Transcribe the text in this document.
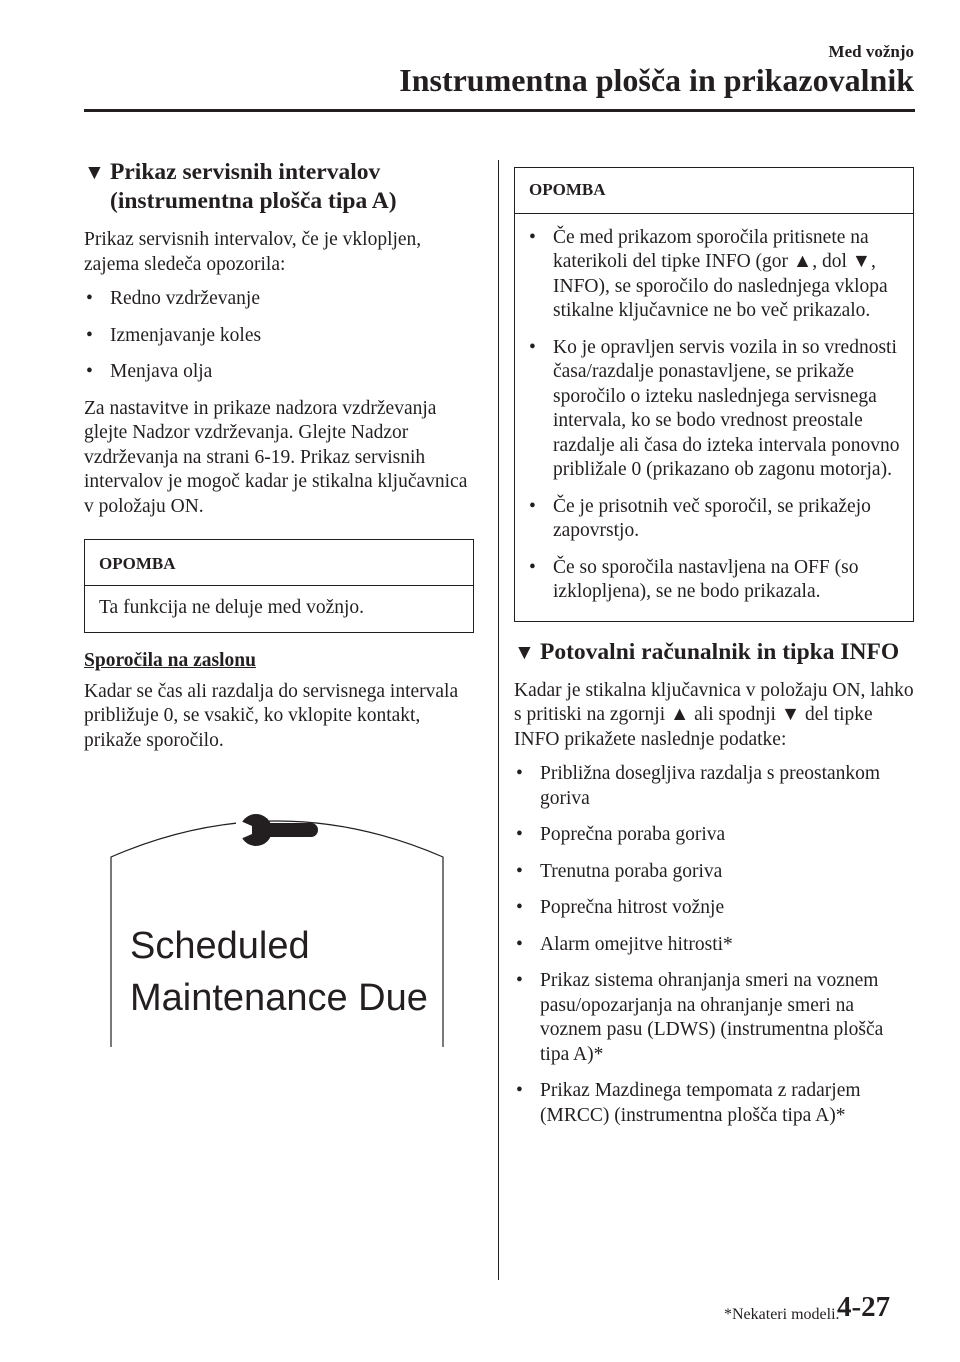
Med vožnjo
Instrumentna plošča in prikazovalnik
▼ Prikaz servisnih intervalov (instrumentna plošča tipa A)

Prikaz servisnih intervalov, če je vklopljen, zajema sledeča opozorila:

• Redno vzdrževanje
• Izmenjavanje koles
• Menjava olja

Za nastavitve in prikaze nadzora vzdrževanja glejte Nadzor vzdrževanja. Glejte Nadzor vzdrževanja na strani 6-19. Prikaz servisnih intervalov je mogoč kadar je stikalna ključavnica v položaju ON.

OPOMBA
Ta funkcija ne deluje med vožnjo.
Sporočila na zaslonu

Kadar se čas ali razdalja do servisnega intervala približuje 0, se vsakič, ko vklopite kontakt, prikaže sporočilo.

Scheduled
Maintenance Due
OPOMBA
• Če med prikazom sporočila pritisnete na katerikoli del tipke INFO (gor ▲, dol ▼, INFO), se sporočilo do naslednjega vklopa stikalne ključavnice ne bo več prikazalo.
• Ko je opravljen servis vozila in so vrednosti časa/razdalje ponastavljene, se prikaže sporočilo o izteku naslednjega servisnega intervala, ko se bodo vrednost preostale razdalje ali časa do izteka intervala ponovno približale 0 (prikazano ob zagonu motorja).
• Če je prisotnih več sporočil, se prikažejo zapovrstjo.
• Če so sporočila nastavljena na OFF (so izklopljena), se ne bodo prikazala.
▼ Potovalni računalnik in tipka INFO

Kadar je stikalna ključavnica v položaju ON, lahko s pritiski na zgornji ▲ ali spodnji ▼ del tipke INFO prikažete naslednje podatke:

• Približna dosegljiva razdalja s preostankom goriva
• Poprečna poraba goriva
• Trenutna poraba goriva
• Poprečna hitrost vožnje
• Alarm omejitve hitrosti*
• Prikaz sistema ohranjanja smeri na voznem pasu/opozarjanja na ohranjanje smeri na voznem pasu (LDWS) (instrumentna plošča tipa A)*
• Prikaz Mazdinega tempomata z radarjem (MRCC) (instrumentna plošča tipa A)*
*Nekateri modeli.
4-27
